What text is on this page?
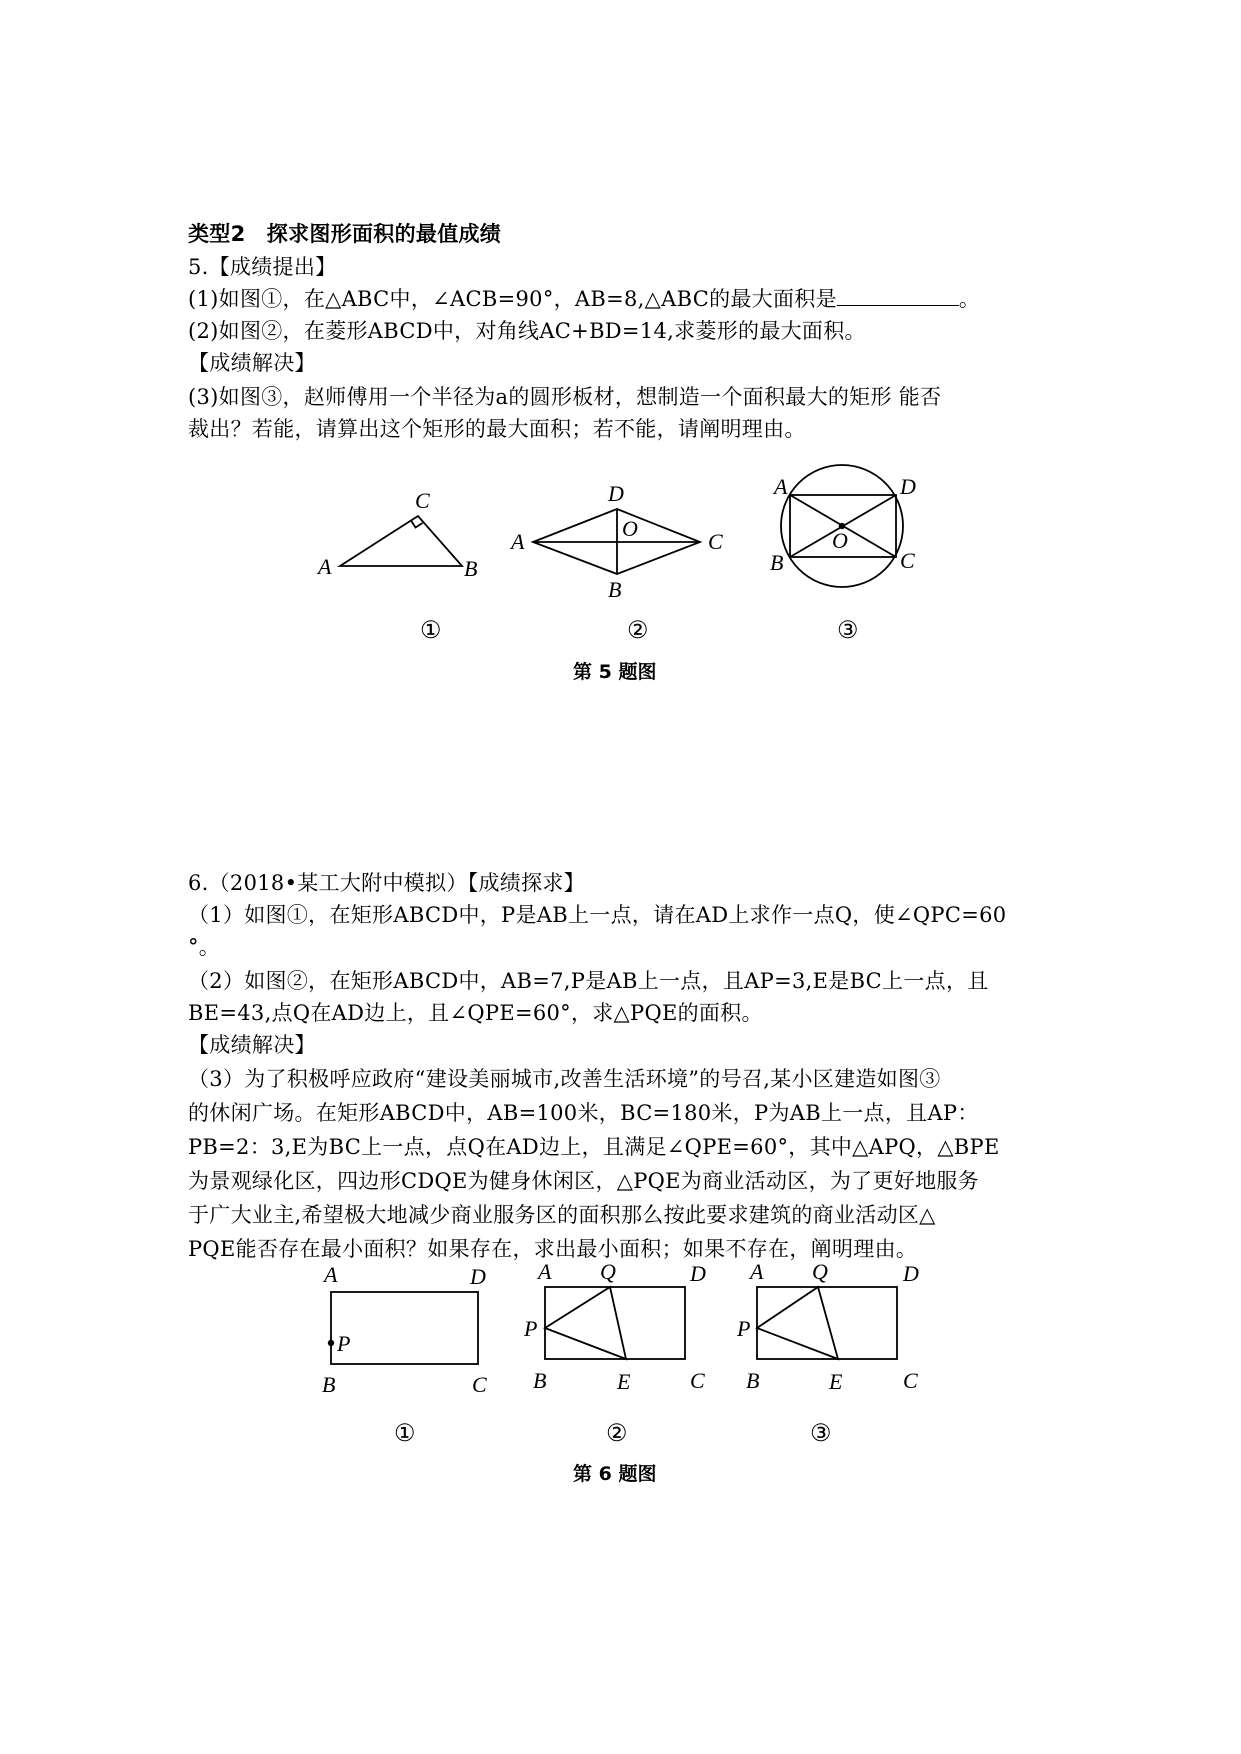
类型2　探求图形面积的最值成绩
5.【成绩提出】
(1)如图①，在△ABC中，∠ACB=90°，AB=8,△ABC的最大面积是	。
(2)如图②，在菱形ABCD中，对角线AC+BD=14,求菱形的最大面积。
【成绩解决】
(3)如图③，赵师傅用一个半径为a的圆形板材，想制造一个面积最大的矩形 能否
裁出？若能，请算出这个矩形的最大面积；若不能，请阐明理由。
A
C
B
①
A
D
O
C
B
②
A	D
O
B	C
③
第 5 题图
6.（2018•某工大附中模拟）【成绩探求】
（1）如图①，在矩形ABCD中，P是AB上一点，请在AD上求作一点Q，使∠QPC=60
°。
（2）如图②，在矩形ABCD中，AB=7,P是AB上一点，且AP=3,E是BC上一点，且
BE=43,点Q在AD边上，且∠QPE=60°，求△PQE的面积。
【成绩解决】
（3）为了积极呼应政府“建设美丽城市,改善生活环境”的号召,某小区建造如图③
的休闲广场。在矩形ABCD中，AB=100米，BC=180米，P为AB上一点，且AP：
PB=2：3,E为BC上一点，点Q在AD边上，且满足∠QPE=60°，其中△APQ，△BPE
为景观绿化区，四边形CDQE为健身休闲区，△PQE为商业活动区，为了更好地服务
于广大业主,希望极大地减少商业服务区的面积那么按此要求建筑的商业活动区△
PQE能否存在最小面积？如果存在，求出最小面积；如果不存在，阐明理由。
A	D
P
B	C
①
A Q	D
P
B	E	C
②
A Q	D
P
B	E	C
③
第 6 题图
